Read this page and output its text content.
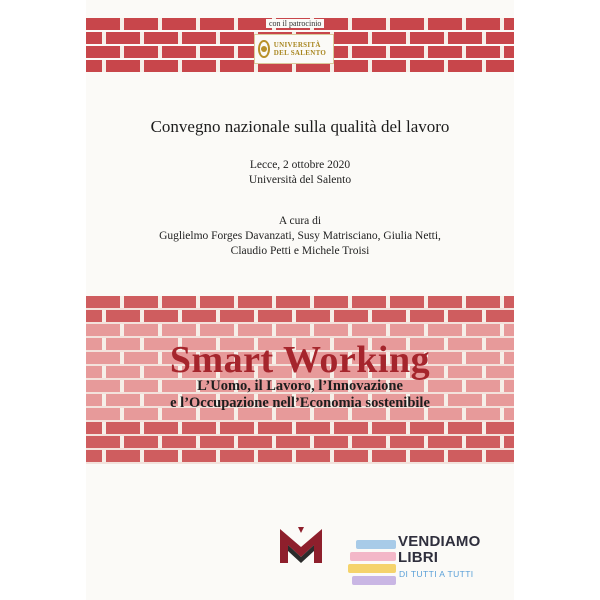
con il patrocinio
UNIVERSITÀ DEL SALENTO
Convegno nazionale sulla qualità del lavoro
Lecce, 2 ottobre 2020
Università del Salento
A cura di
Guglielmo Forges Davanzati, Susy Matrisciano, Giulia Netti,
Claudio Petti e Michele Troisi
Smart Working
L’Uomo, il Lavoro, l’Innovazione
e l’Occupazione nell’Economia sostenibile
VENDIAMO
LIBRI
DI TUTTI A TUTTI
